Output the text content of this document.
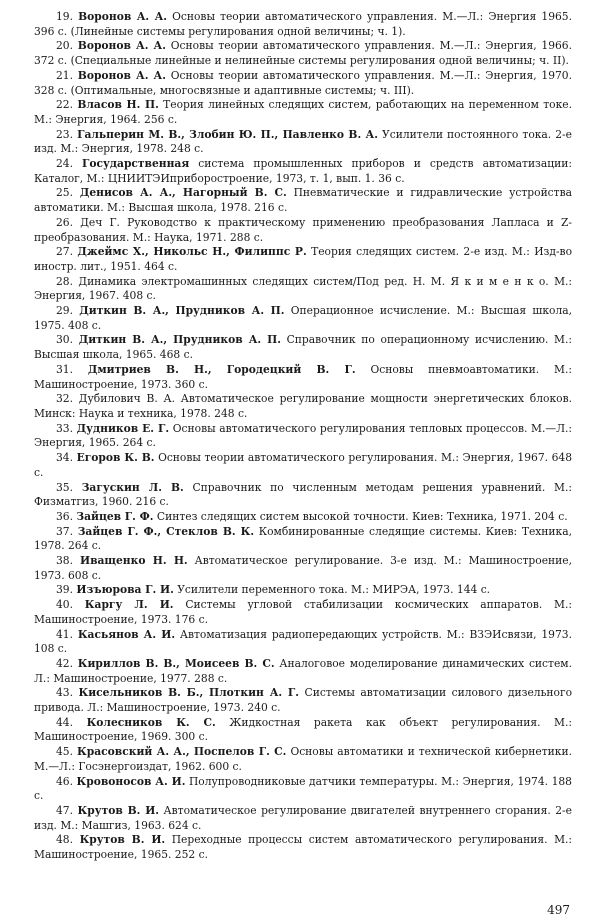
19. Воронов А. А. Основы теории автоматического управления. М.—Л.: Энергия 1965. 396 с. (Линейные системы регулирования одной величины; ч. 1).

20. Воронов А. А. Основы теории автоматического управления. М.—Л.: Энергия, 1966. 372 с. (Специальные линейные и нелинейные системы регулирования одной величины; ч. II).

21. Воронов А. А. Основы теории автоматического управления. М.—Л.: Энергия, 1970. 328 с. (Оптимальные, многосвязные и адаптивные системы; ч. III).

22. Власов Н. П. Теория линейных следящих систем, работающих на переменном токе. М.: Энергия, 1964. 256 с.

23. Гальперин М. В., Злобин Ю. П., Павленко В. А. Усилители постоянного тока. 2-е изд. М.: Энергия, 1978. 248 с.

24. Государственная система промышленных приборов и средств автоматизации: Каталог, М.: ЦНИИТЭИприборостроение, 1973, т. 1, вып. 1. 36 с.

25. Денисов А. А., Нагорный В. С. Пневматические и гидравлические устройства автоматики. М.: Высшая школа, 1978. 216 с.

26. Деч Г. Руководство к практическому применению преобразования Лапласа и Z-преобразования. М.: Наука, 1971. 288 с.

27. Джеймс Х., Никольс Н., Филиппс Р. Теория следящих систем. 2-е изд. М.: Изд-во иностр. лит., 1951. 464 с.

28. Динамика электромашинных следящих систем/Под ред. Н. М. Я к и м е н к о. М.: Энергия, 1967. 408 с.

29. Диткин В. А., Прудников А. П. Операционное исчисление. М.: Высшая школа, 1975. 408 с.

30. Диткин В. А., Прудников А. П. Справочник по операционному исчислению. М.: Высшая школа, 1965. 468 с.

31. Дмитриев В. Н., Городецкий В. Г. Основы пневмоавтоматики. М.: Машиностроение, 1973. 360 с.

32. Дубилович В. А. Автоматическое регулирование мощности энергетических блоков. Минск: Наука и техника, 1978. 248 с.

33. Дудников Е. Г. Основы автоматического регулирования тепловых процессов. М.—Л.: Энергия, 1965. 264 с.

34. Егоров К. В. Основы теории автоматического регулирования. М.: Энергия, 1967. 648 с.

35. Загускин Л. В. Справочник по численным методам решения уравнений. М.: Физматгиз, 1960. 216 с.

36. Зайцев Г. Ф. Синтез следящих систем высокой точности. Киев: Техника, 1971. 204 с.

37. Зайцев Г. Ф., Стеклов В. К. Комбинированные следящие системы. Киев: Техника, 1978. 264 с.

38. Иващенко Н. Н. Автоматическое регулирование. 3-е изд. М.: Машиностроение, 1973. 608 с.

39. Изъюрова Г. И. Усилители переменного тока. М.: МИРЭА, 1973. 144 с.

40. Каргу Л. И. Системы угловой стабилизации космических аппаратов. М.: Машиностроение, 1973. 176 с.

41. Касьянов А. И. Автоматизация радиопередающих устройств. М.: ВЗЭИсвязи, 1973. 108 с.

42. Кириллов В. В., Моисеев В. С. Аналоговое моделирование динамических систем. Л.: Машиностроение, 1977. 288 с.

43. Кисельников В. Б., Плоткин А. Г. Системы автоматизации силового дизельного привода. Л.: Машиностроение, 1973. 240 с.

44. Колесников К. С. Жидкостная ракета как объект регулирования. М.: Машиностроение, 1969. 300 с.

45. Красовский А. А., Поспелов Г. С. Основы автоматики и технической кибернетики. М.—Л.: Госэнергоиздат, 1962. 600 с.

46. Кровоносов А. И. Полупроводниковые датчики температуры. М.: Энергия, 1974. 188 с.

47. Крутов В. И. Автоматическое регулирование двигателей внутреннего сгорания. 2-е изд. М.: Машгиз, 1963. 624 с.

48. Крутов В. И. Переходные процессы систем автоматического регулирования. М.: Машиностроение, 1965. 252 с.

497
